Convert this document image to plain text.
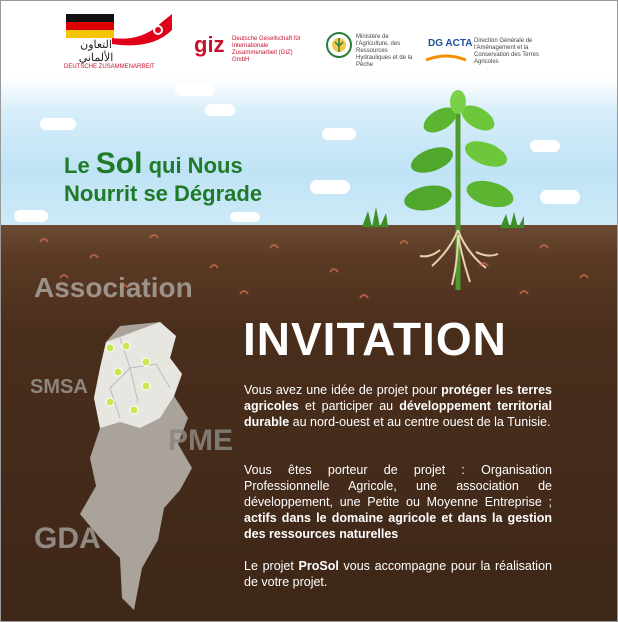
التعاون الألماني
DEUTSCHE ZUSAMMENARBEIT
giz Deutsche Gesellschaft für Internationale Zusammenarbeit (GIZ) GmbH
Ministère de l'Agriculture, des Ressources Hydrauliques et de la Pêche
DG ACTA Direction Générale de l'Aménagement et la Conservation des Terres Agricoles
Le Sol qui Nous
Nourrit se Dégrade
Association
SMSA
PME
GDA
INVITATION
Vous avez une idée de projet pour protéger les terres agricoles et participer au développement territorial durable au nord-ouest et au centre ouest de la Tunisie.
Vous êtes porteur de projet : Organisation Professionnelle Agricole, une association de développement, une Petite ou Moyenne Entreprise ; actifs dans le domaine agricole et dans la gestion des ressources naturelles
Le projet ProSol vous accompagne pour la réalisation de votre projet.
